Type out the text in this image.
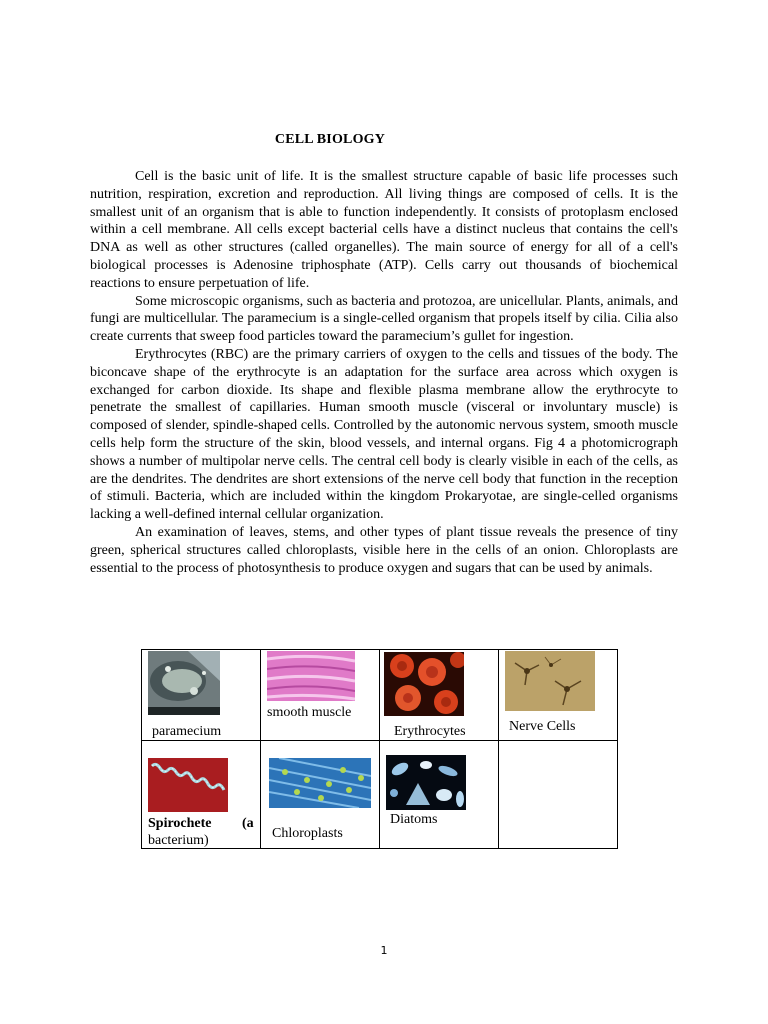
CELL BIOLOGY

Cell is the basic unit of life. It is the smallest structure capable of basic life processes such nutrition, respiration, excretion and reproduction. All living things are composed of cells. It is the smallest unit of an organism that is able to function independently. It consists of protoplasm enclosed within a cell membrane. All cells except bacterial cells have a distinct nucleus that contains the cell's DNA as well as other structures (called organelles). The main source of energy for all of a cell's biological processes is Adenosine triphosphate (ATP). Cells carry out thousands of biochemical reactions to ensure perpetuation of life.

Some microscopic organisms, such as bacteria and protozoa, are unicellular. Plants, animals, and fungi are multicellular. The paramecium is a single-celled organism that propels itself by cilia. Cilia also create currents that sweep food particles toward the paramecium’s gullet for ingestion.

Erythrocytes (RBC) are the primary carriers of oxygen to the cells and tissues of the body. The biconcave shape of the erythrocyte is an adaptation for the surface area across which oxygen is exchanged for carbon dioxide. Its shape and flexible plasma membrane allow the erythrocyte to penetrate the smallest of capillaries. Human smooth muscle (visceral or involuntary muscle) is composed of slender, spindle-shaped cells. Controlled by the autonomic nervous system, smooth muscle cells help form the structure of the skin, blood vessels, and internal organs. Fig 4 a photomicrograph shows a number of multipolar nerve cells. The central cell body is clearly visible in each of the cells, as are the dendrites. The dendrites are short extensions of the nerve cell body that function in the reception of stimuli. Bacteria, which are included within the kingdom Prokaryotae, are single-celled organisms lacking a well-defined internal cellular organization.

An examination of leaves, stems, and other types of plant tissue reveals the presence of tiny green, spherical structures called chloroplasts, visible here in the cells of an onion. Chloroplasts are essential to the process of photosynthesis to produce oxygen and sugars that can be used by animals.

paramecium	smooth muscle	Erythrocytes	Nerve Cells

Spirochete (a
bacterium)	Chloroplasts	Diatoms	

1
